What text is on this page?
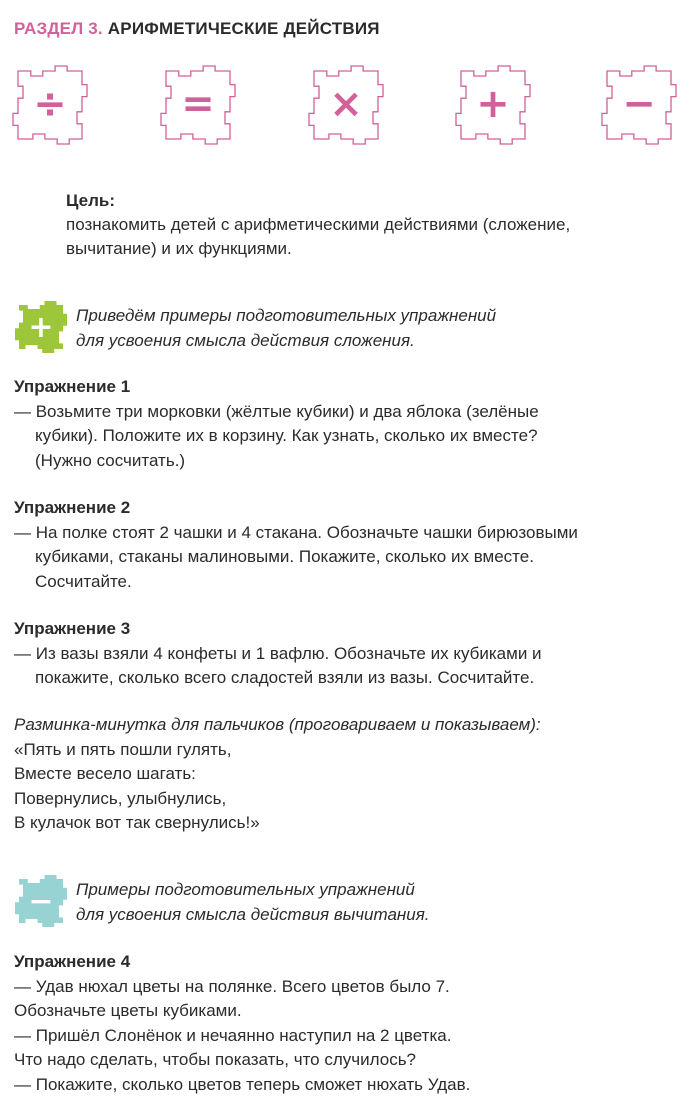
РАЗДЕЛ 3. АРИФМЕТИЧЕСКИЕ ДЕЙСТВИЯ
÷	=	×	+	−
Цель:
познакомить детей с арифметическими действиями (сложение,
вычитание) и их функциями.
+ Приведём примеры подготовительных упражнений
для усвоения смысла действия сложения.
Упражнение 1
— Возьмите три морковки (жёлтые кубики) и два яблока (зелёные
кубики). Положите их в корзину. Как узнать, сколько их вместе?
(Нужно сосчитать.)
Упражнение 2
— На полке стоят 2 чашки и 4 стакана. Обозначьте чашки бирюзовыми
кубиками, стаканы малиновыми. Покажите, сколько их вместе.
Сосчитайте.
Упражнение 3
— Из вазы взяли 4 конфеты и 1 вафлю. Обозначьте их кубиками и
покажите, сколько всего сладостей взяли из вазы. Сосчитайте.
Разминка-минутка для пальчиков (проговариваем и показываем):
«Пять и пять пошли гулять,
Вместе весело шагать:
Повернулись, улыбнулись,
В кулачок вот так свернулись!»
− Примеры подготовительных упражнений
для усвоения смысла действия вычитания.
Упражнение 4
— Удав нюхал цветы на полянке. Всего цветов было 7.
Обозначьте цветы кубиками.
— Пришёл Слонёнок и нечаянно наступил на 2 цветка.
Что надо сделать, чтобы показать, что случилось?
— Покажите, сколько цветов теперь сможет нюхать Удав.
